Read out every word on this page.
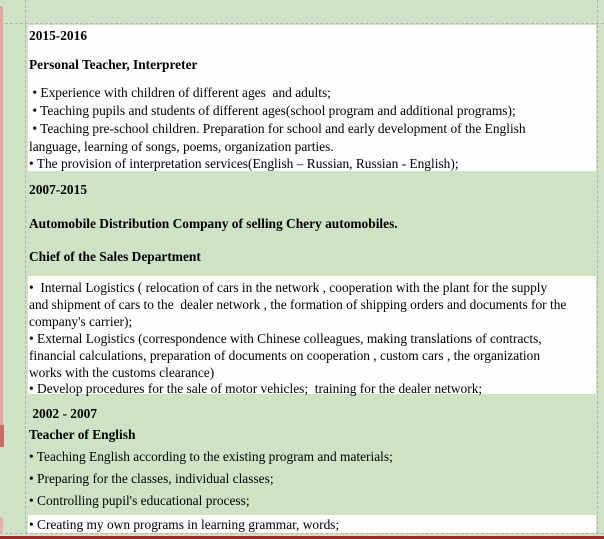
2015-2016
Personal Teacher, Interpreter
• Experience with children of different ages  and adults;
• Teaching pupils and students of different ages(school program and additional programs);
• Teaching pre-school children. Preparation for school and early development of the English
language, learning of songs, poems, organization parties.
• The provision of interpretation services(English – Russian, Russian - English);
2007-2015
Automobile Distribution Company of selling Chery automobiles.
Chief of the Sales Department
•  Internal Logistics ( relocation of cars in the network , cooperation with the plant for the supply
and shipment of cars to the  dealer network , the formation of shipping orders and documents for the
company's carrier);
• External Logistics (correspondence with Chinese colleagues, making translations of contracts,
financial calculations, preparation of documents on cooperation , custom cars , the organization
works with the customs clearance)
• Develop procedures for the sale of motor vehicles;  training for the dealer network;
2002 - 2007
Teacher of English
• Teaching English according to the existing program and materials;
• Preparing for the classes, individual classes;
• Controlling pupil's educational process;
• Creating my own programs in learning grammar, words;
